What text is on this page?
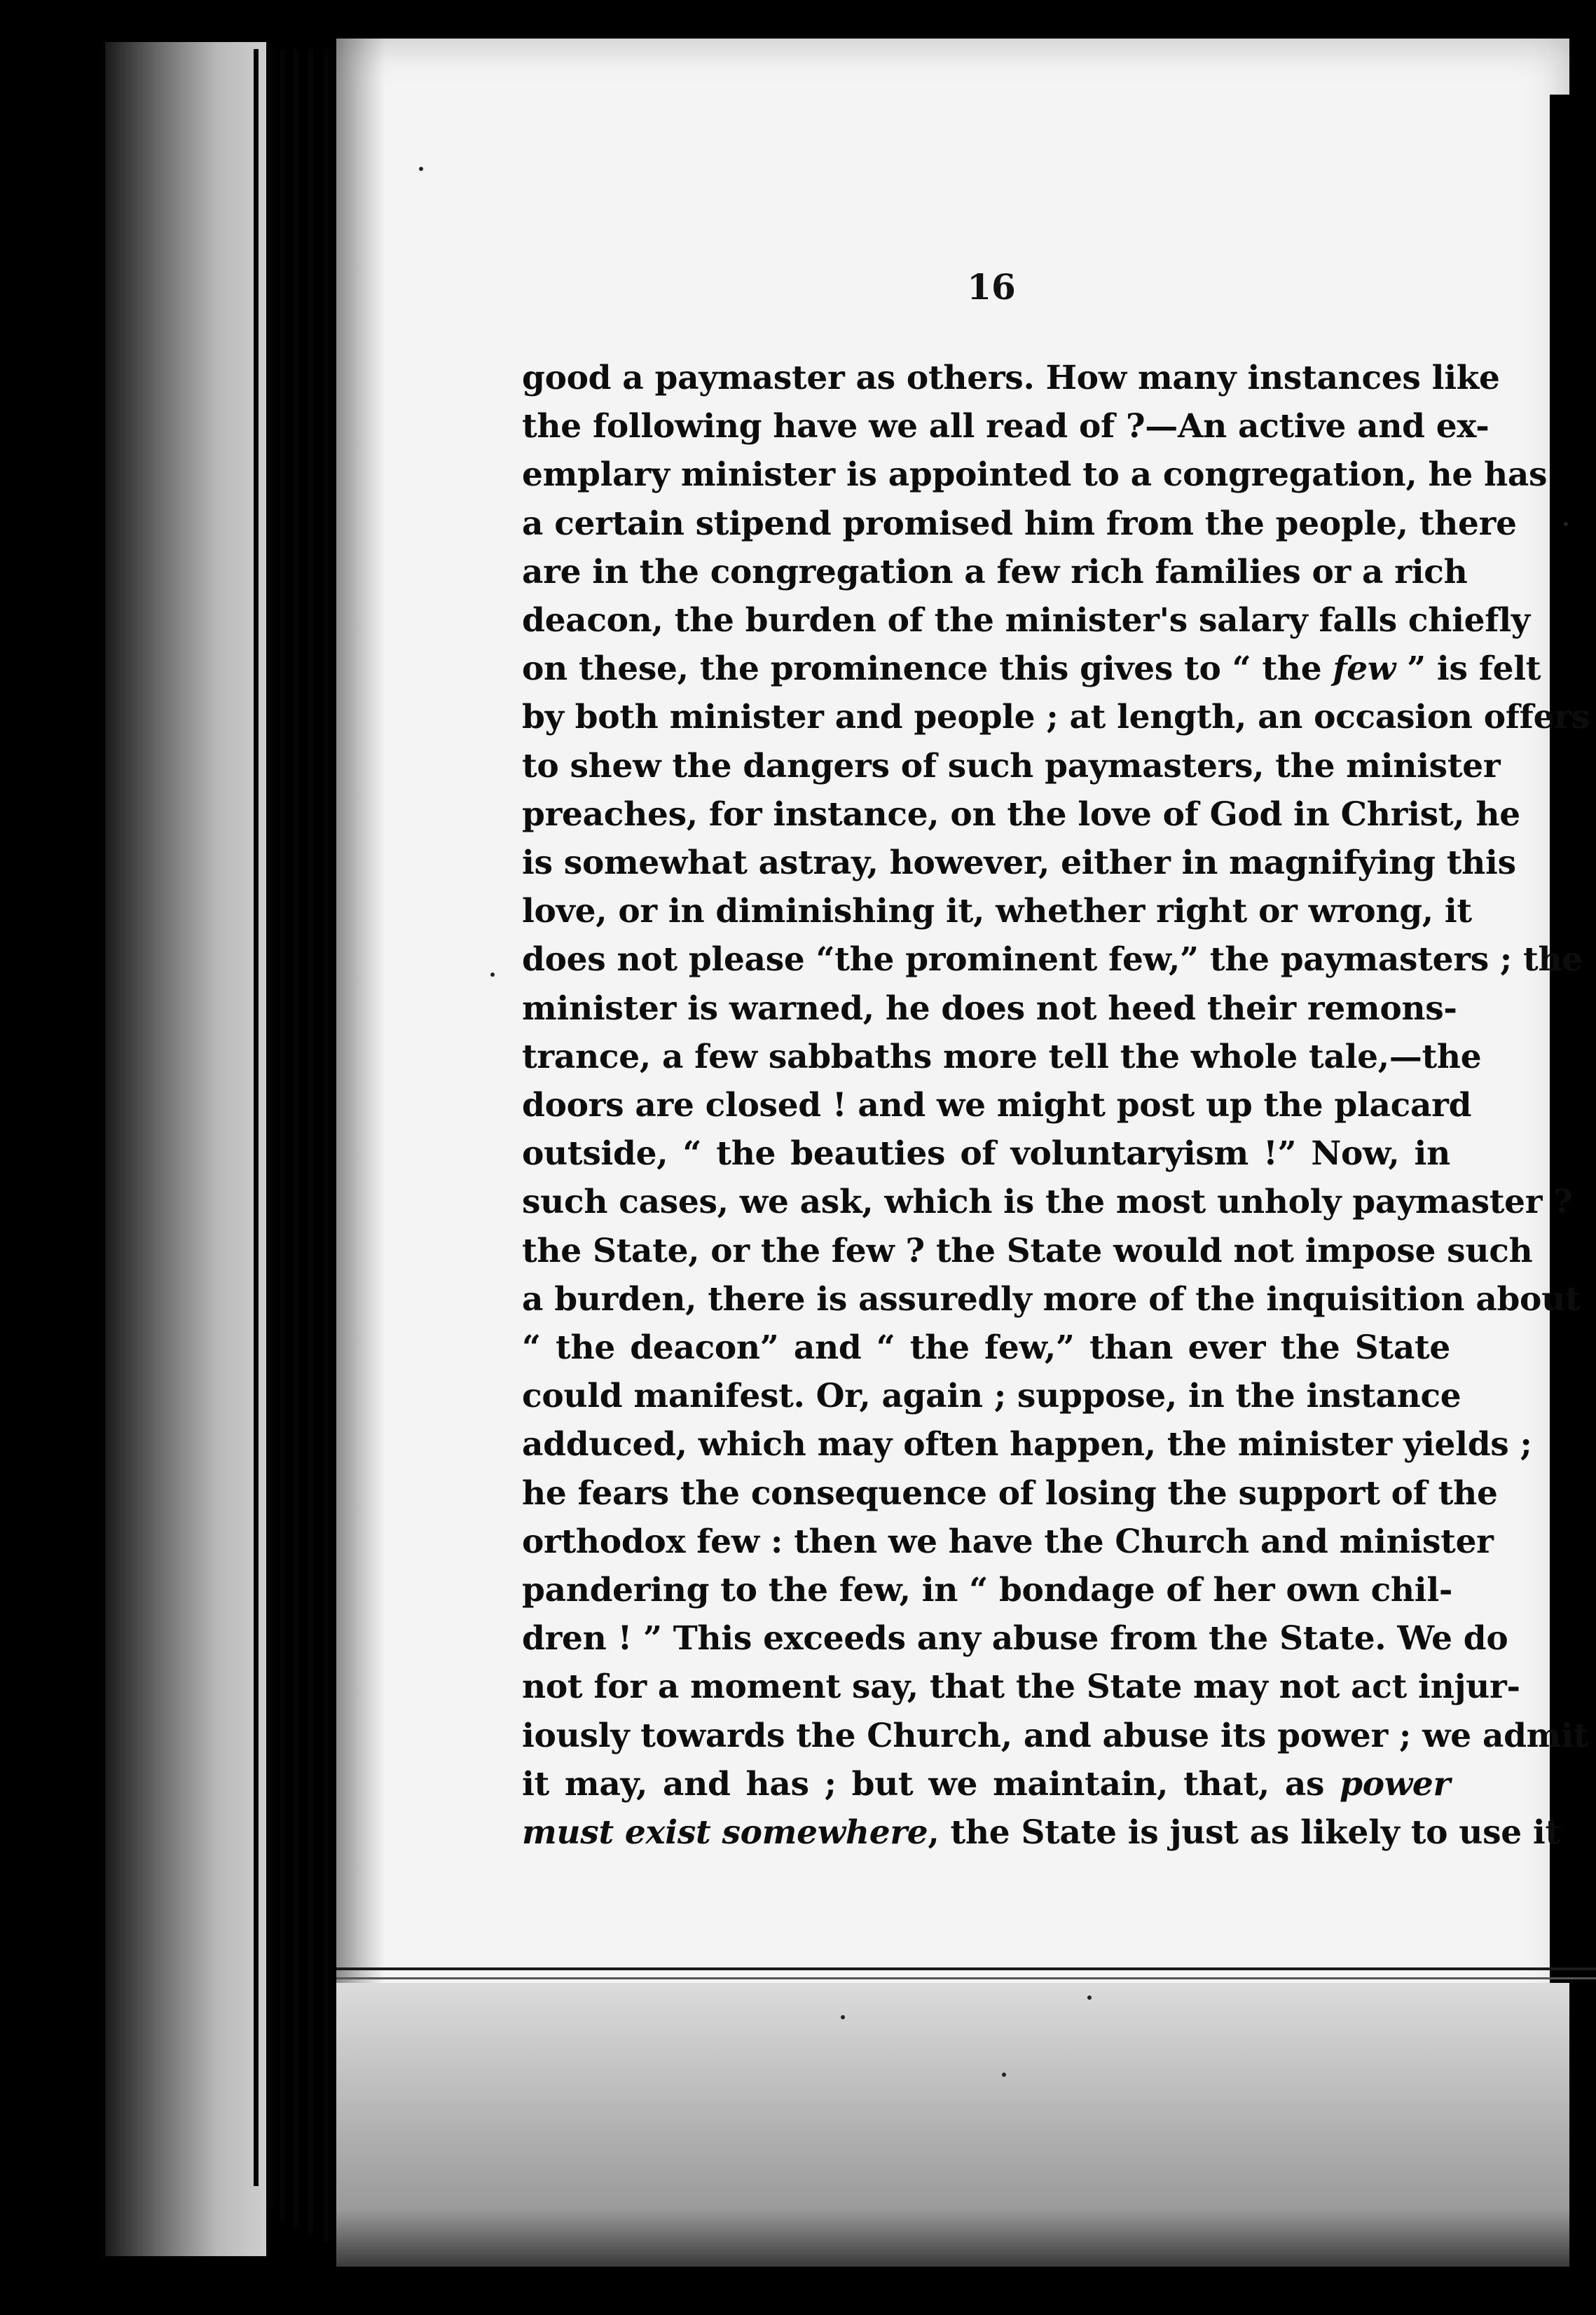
16

good a paymaster as others. How many instances like
the following have we all read of ?—An active and ex-
emplary minister is appointed to a congregation, he has
a certain stipend promised him from the people, there
are in the congregation a few rich families or a rich
deacon, the burden of the minister's salary falls chiefly
on these, the prominence this gives to “ the few ” is felt
by both minister and people ; at length, an occasion offers
to shew the dangers of such paymasters, the minister
preaches, for instance, on the love of God in Christ, he
is somewhat astray, however, either in magnifying this
love, or in diminishing it, whether right or wrong, it
does not please “the prominent few,” the paymasters ; the
minister is warned, he does not heed their remons-
trance, a few sabbaths more tell the whole tale,—the
doors are closed ! and we might post up the placard
outside, “ the beauties of voluntaryism !” Now, in
such cases, we ask, which is the most unholy paymaster ?
the State, or the few ? the State would not impose such
a burden, there is assuredly more of the inquisition about
“ the deacon” and “ the few,” than ever the State
could manifest. Or, again ; suppose, in the instance
adduced, which may often happen, the minister yields ;
he fears the consequence of losing the support of the
orthodox few : then we have the Church and minister
pandering to the few, in “ bondage of her own chil-
dren ! ” This exceeds any abuse from the State. We do
not for a moment say, that the State may not act injur-
iously towards the Church, and abuse its power ; we admit
it may, and has ; but we maintain, that, as power
must exist somewhere, the State is just as likely to use it
